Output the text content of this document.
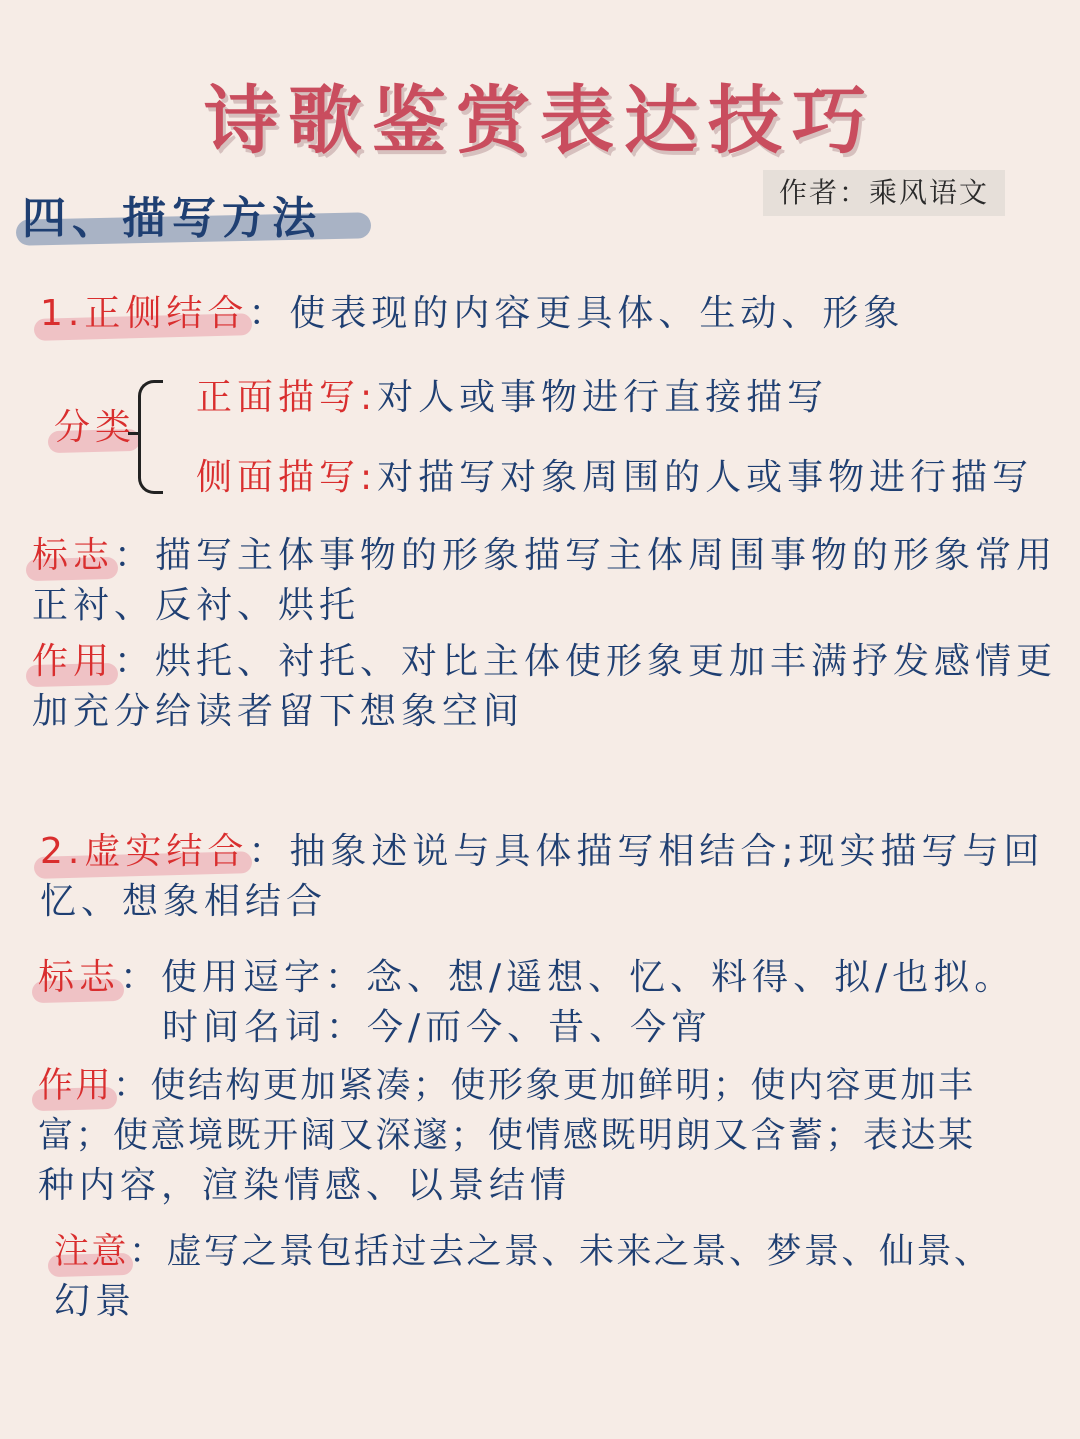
诗歌鉴赏表达技巧
作者：乘风语文
四、描写方法
1.正侧结合：使表现的内容更具体、生动、形象
分类
正面描写:对人或事物进行直接描写
侧面描写:对描写对象周围的人或事物进行描写
标志：描写主体事物的形象描写主体周围事物的形象常用
正衬、反衬、烘托
作用：烘托、衬托、对比主体使形象更加丰满抒发感情更
加充分给读者留下想象空间
2.虚实结合：抽象述说与具体描写相结合;现实描写与回
忆、想象相结合
标志：使用逗字：念、想/遥想、忆、料得、拟/也拟。
时间名词：今/而今、昔、今宵
作用：使结构更加紧凑；使形象更加鲜明；使内容更加丰
富；使意境既开阔又深邃；使情感既明朗又含蓄；表达某
种内容，渲染情感、以景结情
注意：虚写之景包括过去之景、未来之景、梦景、仙景、
幻景
